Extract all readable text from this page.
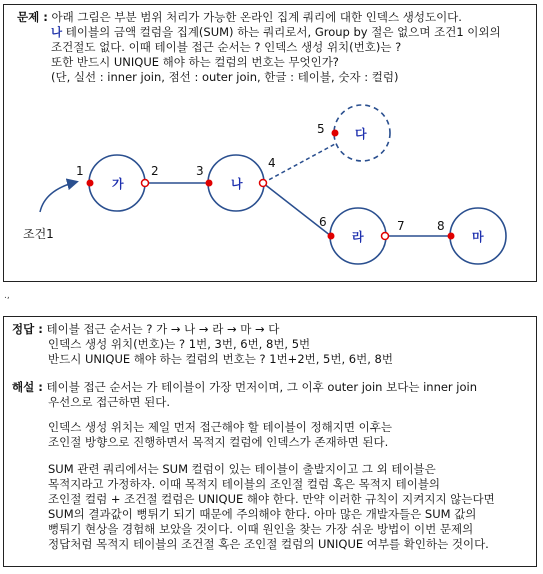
문제 : 아래 그림은 부분 범위 처리가 가능한 온라인 집계 쿼리에 대한 인덱스 생성도이다.
나 테이블의 금액 컬럼을 집계(SUM) 하는 쿼리로서, Group by 절은 없으며 조건1 이외의
조건절도 없다. 이때 테이블 접근 순서는 ? 인덱스 생성 위치(번호)는 ?
또한 반드시 UNIQUE 해야 하는 컬럼의 번호는 무엇인가?
(단, 실선 : inner join, 점선 : outer join, 한글 : 테이블, 숫자 : 컬럼)
가	나
다
라	마
1	2	3
4
5
6	7	8
조건1
.,
정답 : 테이블 접근 순서는 ? 가 → 나 → 라 → 마 → 다
인덱스 생성 위치(번호)는 ? 1번, 3번, 6번, 8번, 5번
반드시 UNIQUE 해야 하는 컬럼의 번호는 ? 1번+2번, 5번, 6번, 8번
해설 : 테이블 접근 순서는 가 테이블이 가장 먼저이며, 그 이후 outer join 보다는 inner join
우선으로 접근하면 된다.
인덱스 생성 위치는 제일 먼저 접근해야 할 테이블이 정해지면 이후는
조인절 방향으로 진행하면서 목적지 컬럼에 인덱스가 존재하면 된다.
SUM 관련 쿼리에서는 SUM 컬럼이 있는 테이블이 출발지이고 그 외 테이블은
목적지라고 가정하자. 이때 목적지 테이블의 조인절 컬럼 혹은 목적지 테이블의
조인절 컬럼 + 조건절 컬럼은 UNIQUE 해야 한다. 만약 이러한 규칙이 지켜지지 않는다면
SUM의 결과값이 뻥튀기 되기 때문에 주의해야 한다. 아마 많은 개발자들은 SUM 값의
뻥튀기 현상을 경험해 보았을 것이다. 이때 원인을 찾는 가장 쉬운 방법이 이번 문제의
정답처럼 목적지 테이블의 조건절 혹은 조인절 컬럼의 UNIQUE 여부를 확인하는 것이다.
